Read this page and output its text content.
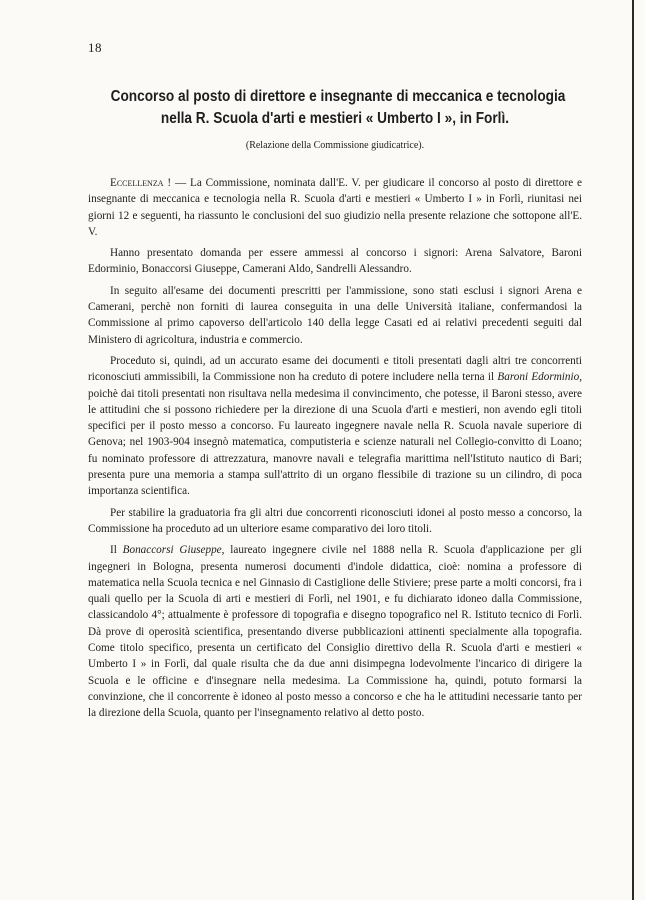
18
Concorso al posto di direttore e insegnante di meccanica e tecnologia
nella R. Scuola d'arti e mestieri « Umberto I », in Forlì.
(Relazione della Commissione giudicatrice).

Eccellenza ! — La Commissione, nominata dall'E. V. per giudicare il concorso al posto di direttore e insegnante di meccanica e tecnologia nella R. Scuola d'arti e mestieri « Umberto I » in Forlì, riunitasi nei giorni 12 e seguenti, ha riassunto le conclusioni del suo giudizio nella presente relazione che sottopone all'E. V.

Hanno presentato domanda per essere ammessi al concorso i signori: Arena Salvatore, Baroni Edorminio, Bonaccorsi Giuseppe, Camerani Aldo, Sandrelli Alessandro.

In seguito all'esame dei documenti prescritti per l'ammissione, sono stati esclusi i signori Arena e Camerani, perchè non forniti di laurea conseguita in una delle Università italiane, confermandosi la Commissione al primo capoverso dell'articolo 140 della legge Casati ed ai relativi precedenti seguiti dal Ministero di agricoltura, industria e commercio.

Proceduto si, quindi, ad un accurato esame dei documenti e titoli presentati dagli altri tre concorrenti riconosciuti ammissibili, la Commissione non ha creduto di potere includere nella terna il Baroni Edorminio, poichè dai titoli presentati non risultava nella medesima il convincimento, che potesse, il Baroni stesso, avere le attitudini che si possono richiedere per la direzione di una Scuola d'arti e mestieri, non avendo egli titoli specifici per il posto messo a concorso. Fu laureato ingegnere navale nella R. Scuola navale superiore di Genova; nel 1903-904 insegnò matematica, computisteria e scienze naturali nel Collegio-convitto di Loano; fu nominato professore di attrezzatura, manovre navali e telegrafia marittima nell'Istituto nautico di Bari; presenta pure una memoria a stampa sull'attrito di un organo flessibile di trazione su un cilindro, di poca importanza scientifica.

Per stabilire la graduatoria fra gli altri due concorrenti riconosciuti idonei al posto messo a concorso, la Commissione ha proceduto ad un ulteriore esame comparativo dei loro titoli.

Il Bonaccorsi Giuseppe, laureato ingegnere civile nel 1888 nella R. Scuola d'applicazione per gli ingegneri in Bologna, presenta numerosi documenti d'indole didattica, cioè: nomina a professore di matematica nella Scuola tecnica e nel Ginnasio di Castiglione delle Stiviere; prese parte a molti concorsi, fra i quali quello per la Scuola di arti e mestieri di Forlì, nel 1901, e fu dichiarato idoneo dalla Commissione, classicandolo 4°; attualmente è professore di topografia e disegno topografico nel R. Istituto tecnico di Forlì. Dà prove di operosità scientifica, presentando diverse pubblicazioni attinenti specialmente alla topografia. Come titolo specifico, presenta un certificato del Consiglio direttivo della R. Scuola d'arti e mestieri « Umberto I » in Forlì, dal quale risulta che da due anni disimpegna lodevolmente l'incarico di dirigere la Scuola e le officine e d'insegnare nella medesima. La Commissione ha, quindi, potuto formarsi la convinzione, che il concorrente è idoneo al posto messo a concorso e che ha le attitudini necessarie tanto per la direzione della Scuola, quanto per l'insegnamento relativo al detto posto.
